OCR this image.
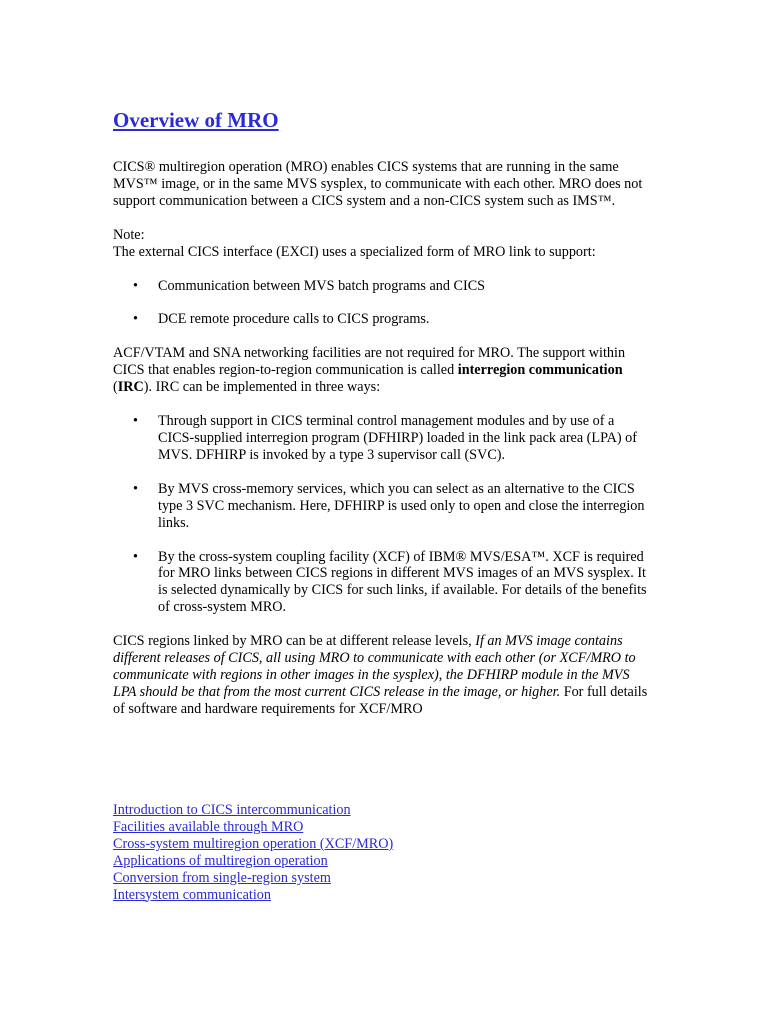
Overview of MRO

CICS® multiregion operation (MRO) enables CICS systems that are running in the same MVS™ image, or in the same MVS sysplex, to communicate with each other. MRO does not support communication between a CICS system and a non-CICS system such as IMS™.

Note:

The external CICS interface (EXCI) uses a specialized form of MRO link to support:

• Communication between MVS batch programs and CICS
• DCE remote procedure calls to CICS programs.

ACF/VTAM and SNA networking facilities are not required for MRO. The support within CICS that enables region-to-region communication is called interregion communication (IRC). IRC can be implemented in three ways:

• Through support in CICS terminal control management modules and by use of a CICS-supplied interregion program (DFHIRP) loaded in the link pack area (LPA) of MVS. DFHIRP is invoked by a type 3 supervisor call (SVC).
• By MVS cross-memory services, which you can select as an alternative to the CICS type 3 SVC mechanism. Here, DFHIRP is used only to open and close the interregion links.
• By the cross-system coupling facility (XCF) of IBM® MVS/ESA™. XCF is required for MRO links between CICS regions in different MVS images of an MVS sysplex. It is selected dynamically by CICS for such links, if available. For details of the benefits of cross-system MRO.

CICS regions linked by MRO can be at different release levels, If an MVS image contains different releases of CICS, all using MRO to communicate with each other (or XCF/MRO to communicate with regions in other images in the sysplex), the DFHIRP module in the MVS LPA should be that from the most current CICS release in the image, or higher. For full details of software and hardware requirements for XCF/MRO

Introduction to CICS intercommunication
Facilities available through MRO
Cross-system multiregion operation (XCF/MRO)
Applications of multiregion operation
Conversion from single-region system
Intersystem communication
